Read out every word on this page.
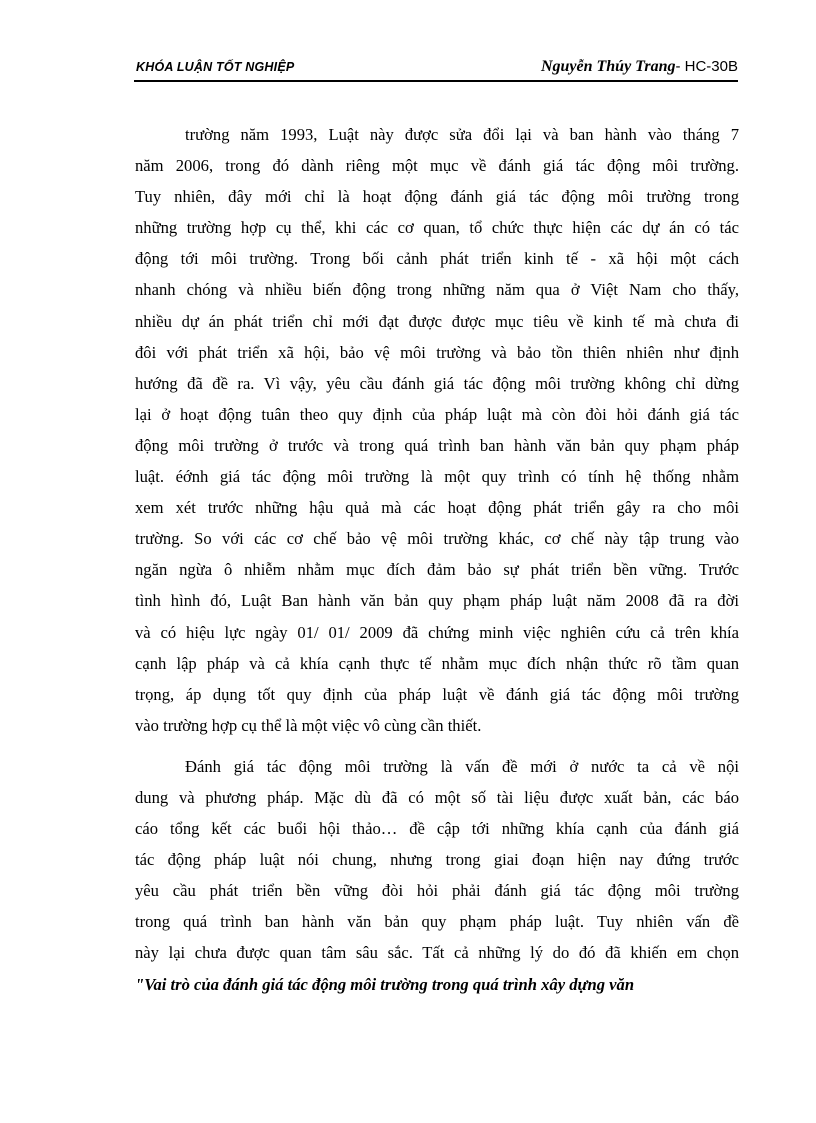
KHÓA LUẬN TỐT NGHIỆP	Nguyễn Thúy Trang- HC-30B
trường năm 1993, Luật này được sửa đổi lại và ban hành vào tháng 7
năm 2006, trong đó dành riêng một mục về đánh giá tác động môi trường.
Tuy nhiên, đây mới chỉ là hoạt động đánh giá tác động môi trường trong
những trường hợp cụ thể, khi các cơ quan, tổ chức thực hiện các dự án có tác
động tới môi trường. Trong bối cảnh phát triển kinh tế - xã hội một cách
nhanh chóng và nhiều biến động trong những năm qua ở Việt Nam cho thấy,
nhiều dự án phát triển chỉ mới đạt được được mục tiêu về kinh tế mà chưa đi
đôi với phát triển xã hội, bảo vệ môi trường và bảo tồn thiên nhiên như định
hướng đã đề ra. Vì vậy, yêu cầu đánh giá tác động môi trường không chỉ dừng
lại ở hoạt động tuân theo quy định của pháp luật mà còn đòi hỏi đánh giá tác
động môi trường ở trước và trong quá trình ban hành văn bản quy phạm pháp
luật. éớnh giá tác động môi trường là một quy trình có tính hệ thống nhằm
xem xét trước những hậu quả mà các hoạt động phát triển gây ra cho môi
trường. So với các cơ chế bảo vệ môi trường khác, cơ chế này tập trung vào
ngăn ngừa ô nhiễm nhằm mục đích đảm bảo sự phát triển bền vững. Trước
tình hình đó, Luật Ban hành văn bản quy phạm pháp luật năm 2008 đã ra đời
và có hiệu lực ngày 01/ 01/ 2009 đã chứng minh việc nghiên cứu cả trên khía
cạnh lập pháp và cả khía cạnh thực tế nhằm mục đích nhận thức rõ tầm quan
trọng, áp dụng tốt quy định của pháp luật về đánh giá tác động môi trường
vào trường hợp cụ thể là một việc vô cùng cần thiết.
Đánh giá tác động môi trường là vấn đề mới ở nước ta cả về nội
dung và phương pháp. Mặc dù đã có một số tài liệu được xuất bản, các báo
cáo tổng kết các buổi hội thảo… đề cập tới những khía cạnh của đánh giá
tác động pháp luật nói chung, nhưng trong giai đoạn hiện nay đứng trước
yêu cầu phát triển bền vững đòi hỏi phải đánh giá tác động môi trường
trong quá trình ban hành văn bản quy phạm pháp luật. Tuy nhiên vấn đề
này lại chưa được quan tâm sâu sắc. Tất cả những lý do đó đã khiến em chọn
"Vai trò của đánh giá tác động môi trường trong quá trình xây dựng văn
